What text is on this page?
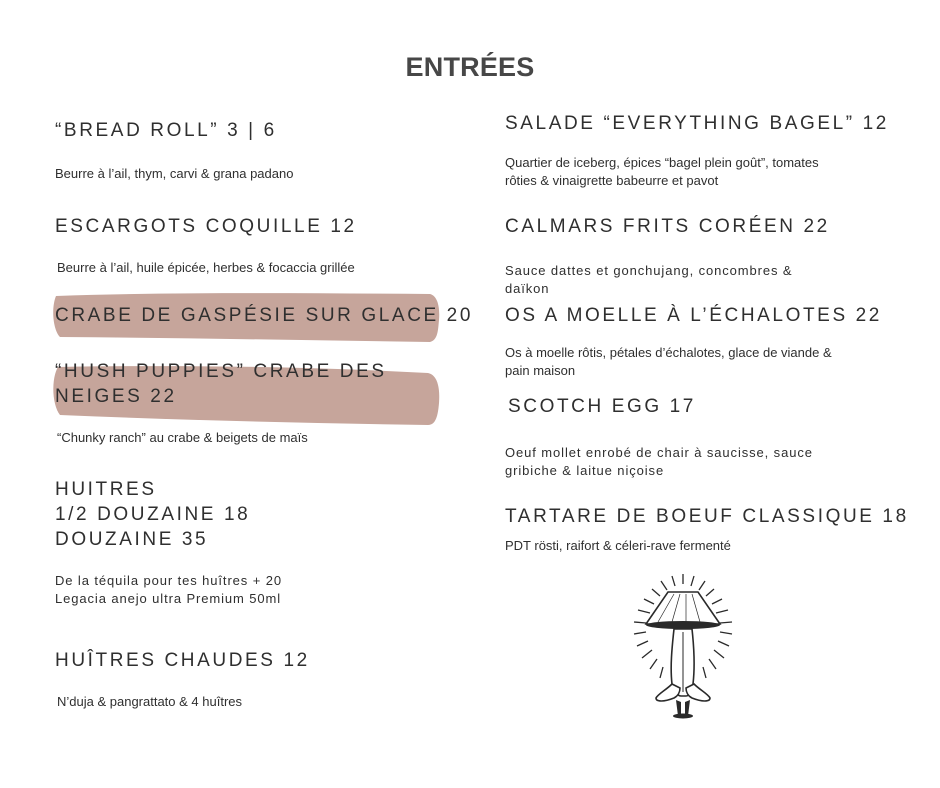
ENTRÉES
“BREAD ROLL” 3 | 6
Beurre à l’ail, thym, carvi & grana padano
ESCARGOTS COQUILLE 12
Beurre à l’ail, huile épicée, herbes & focaccia grillée
CRABE DE GASPÉSIE SUR GLACE 20
“HUSH PUPPIES” CRABE DES
NEIGES 22
“Chunky ranch” au crabe & beigets de maïs
HUITRES
1/2 DOUZAINE 18
DOUZAINE 35
De la téquila pour tes huîtres + 20
Legacia anejo ultra Premium 50ml
HUÎTRES CHAUDES 12
N’duja & pangrattato & 4 huîtres
SALADE “EVERYTHING BAGEL” 12
Quartier de iceberg, épices “bagel plein goût”, tomates
rôties & vinaigrette babeurre et pavot
CALMARS FRITS CORÉEN 22
Sauce dattes et gonchujang, concombres &
daïkon
OS A MOELLE À L’ÉCHALOTES 22
Os à moelle rôtis, pétales d’échalotes, glace de viande &
pain maison
SCOTCH EGG 17
Oeuf mollet enrobé de chair à saucisse, sauce
gribiche & laitue niçoise
TARTARE DE BOEUF CLASSIQUE 18
PDT rösti, raifort & céleri-rave fermenté
